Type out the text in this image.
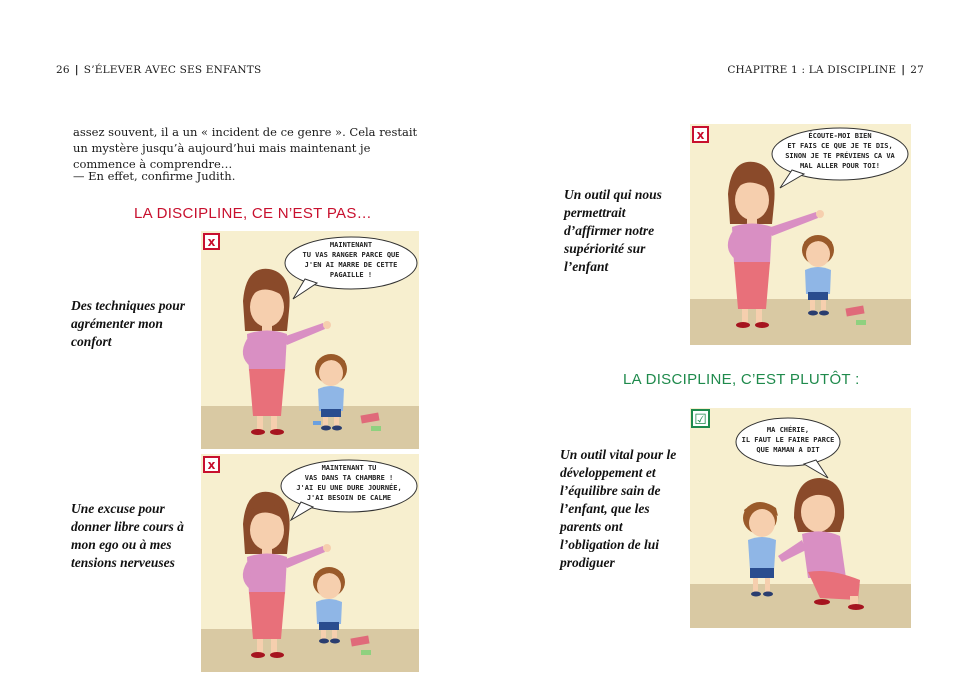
26 | S’ÉLEVER AVEC SES ENFANTS	CHAPITRE 1 : LA DISCIPLINE | 27
assez souvent, il a un « incident de ce genre ». Cela restait un mystère jusqu’à aujourd’hui mais maintenant je commence à comprendre…
— En effet, confirme Judith.
LA DISCIPLINE, CE N’EST PAS…
LA DISCIPLINE, C’EST PLUTÔT :
Des techniques pour agrémenter mon confort
Une excuse pour donner libre cours à mon ego ou à mes tensions nerveuses
Un outil qui nous permettrait d’affirmer notre supériorité sur l’enfant
Un outil vital pour le développement et l’équilibre sain de l’enfant, que les parents ont l’obligation de lui prodiguer
x	MAINTENANT
TU VAS RANGER PARCE QUE
J'EN AI MARRE DE CETTE
PAGAILLE !
x	MAINTENANT TU
VAS DANS TA CHAMBRE !
J'AI EU UNE DURE JOURNÉE,
J'AI BESOIN DE CALME
x	ÉCOUTE-MOI BIEN
ET FAIS CE QUE JE TE DIS,
SINON JE TE PRÉVIENS CA VA
MAL ALLER POUR TOI!
☑
MA CHÉRIE,
IL FAUT LE FAIRE PARCE
QUE MAMAN A DIT
